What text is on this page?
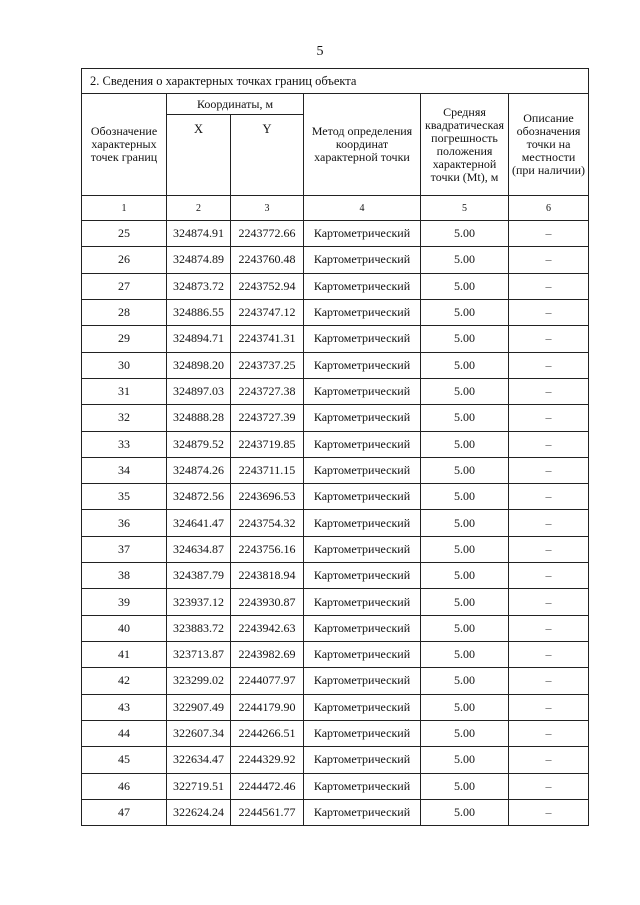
5
2. Сведения о характерных точках границ объекта					
Обозначение характерных точек границ	Координаты, м		Метод определения координат характерной точки	Средняя квадратическая погрешность положения характерной точки (Mt), м	Описание обозначения точки на местности (при наличии)
	X	Y			
1	2	3	4	5	6
25	324874.91	2243772.66	Картометрический	5.00	–
26	324874.89	2243760.48	Картометрический	5.00	–
27	324873.72	2243752.94	Картометрический	5.00	–
28	324886.55	2243747.12	Картометрический	5.00	–
29	324894.71	2243741.31	Картометрический	5.00	–
30	324898.20	2243737.25	Картометрический	5.00	–
31	324897.03	2243727.38	Картометрический	5.00	–
32	324888.28	2243727.39	Картометрический	5.00	–
33	324879.52	2243719.85	Картометрический	5.00	–
34	324874.26	2243711.15	Картометрический	5.00	–
35	324872.56	2243696.53	Картометрический	5.00	–
36	324641.47	2243754.32	Картометрический	5.00	–
37	324634.87	2243756.16	Картометрический	5.00	–
38	324387.79	2243818.94	Картометрический	5.00	–
39	323937.12	2243930.87	Картометрический	5.00	–
40	323883.72	2243942.63	Картометрический	5.00	–
41	323713.87	2243982.69	Картометрический	5.00	–
42	323299.02	2244077.97	Картометрический	5.00	–
43	322907.49	2244179.90	Картометрический	5.00	–
44	322607.34	2244266.51	Картометрический	5.00	–
45	322634.47	2244329.92	Картометрический	5.00	–
46	322719.51	2244472.46	Картометрический	5.00	–
47	322624.24	2244561.77	Картометрический	5.00	–
